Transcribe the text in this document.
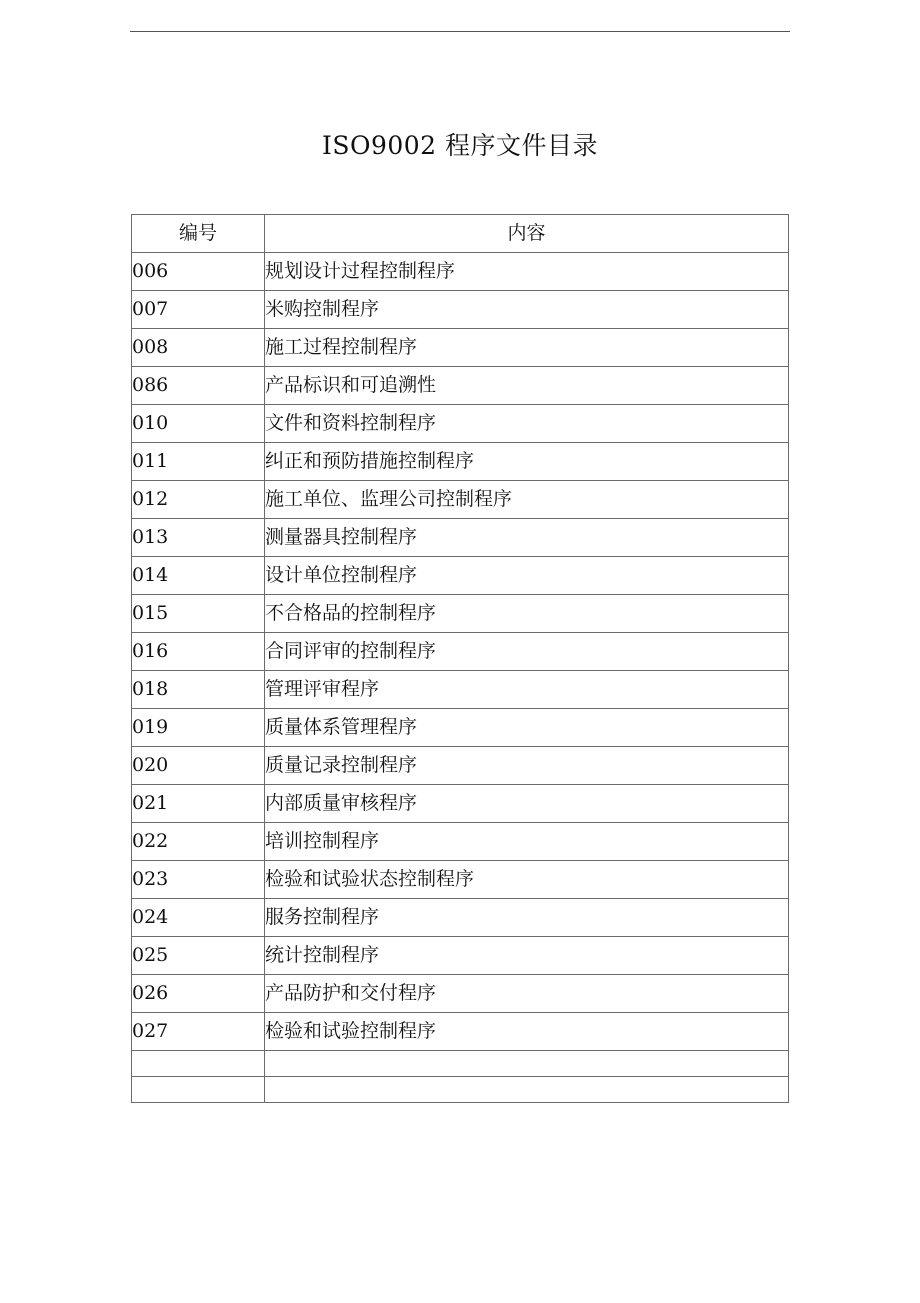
ISO9002 程序文件目录
编号	内容
006	规划设计过程控制程序
007	米购控制程序
008	施工过程控制程序
086	产品标识和可追溯性
010	文件和资料控制程序
011	纠正和预防措施控制程序
012	施工单位、监理公司控制程序
013	测量器具控制程序
014	设计单位控制程序
015	不合格品的控制程序
016	合同评审的控制程序
018	管理评审程序
019	质量体系管理程序
020	质量记录控制程序
021	内部质量审核程序
022	培训控制程序
023	检验和试验状态控制程序
024	服务控制程序
025	统计控制程序
026	产品防护和交付程序
027	检验和试验控制程序
